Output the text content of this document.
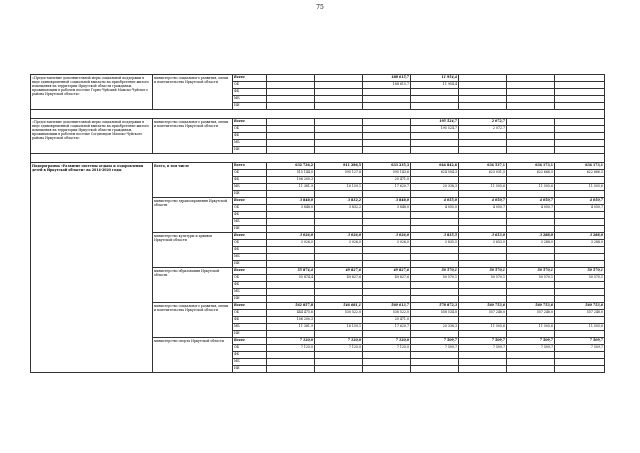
75
«Предоставление дополнительной меры социальной поддержки в виде единовременной социальной выплаты на приобретение жилого помещения на территории Иркутской области гражданам, проживающим в рабочем поселке Горно-Чуйский Мамско-Чуйского района Иркутской области»	министерство социального развития, опеки и попечительства Иркутской области	Всего			188 615,7	11 954,4			
		ОБ			188 615,7	11 954,4			
		ФБ							
		МБ							
		ИИ							

«Предоставление дополнительной меры социальной поддержки в виде единовременной социальной выплаты на приобретение жилого помещения на территории Иркутской области гражданам, проживающим в рабочем поселке Согдиондон Мамско-Чуйского района Иркутской области»	министерство социального развития, опеки и попечительства Иркутской области	Всего				195 524,7	2 072,7		
		ОБ				195 524,7	2 072,7		
		ФБ							
		МБ							
		ИИ							

Подпрограмма «Развитие системы отдыха и оздоровления детей в Иркутской области» на 2014-2020 годы	Всего, в том числе	Всего	632 726,2	811 286,5	633 235,3	644 842,6	634 537,1	634 173,1	634 173,1
		ОБ	515 144,0	595 127,8	595 143,6	624 504,3	623 031,5	622 666,5	622 666,5
		ФБ	106 200,3		20 471,0				
		МБ	11 381,9	16 159,1	17 620,7	20 338,3	11 505,6	11 505,6	11 505,6
		ИИ							
	министерство здравоохранения Иркутской области	Всего	3 848,0	3 832,2	3 848,0	4 055,0	4 050,7	4 050,7	4 050,7
		ОБ	3 848,0	3 832,2	3 848,0	4 055,0	4 050,7	4 050,7	4 050,7
		ФБ							
		МБ							
		ИИ							
	министерство культуры и архивов Иркутской области	Всего	3 026,0	3 026,0	3 026,0	3 835,5	3 653,0	3 288,0	3 288,0
		ОБ	3 026,0	3 026,0	3 026,0	3 835,5	3 653,0	3 288,0	3 288,0
		ФБ							
		МБ							
		ИИ							
	министерство образования Иркутской области	Всего	55 874,4	49 827,6	49 827,6	50 570,1	50 570,1	50 570,1	50 570,1
		ОБ	55 874,4	49 827,6	49 827,6	50 570,1	50 570,1	50 570,1	50 570,1
		ФБ							
		МБ							
		ИИ							
	министерство социального развития, опеки и попечительства Иркутской области	Всего	562 857,8	546 681,1	560 613,7	578 872,3	560 753,6	560 753,6	560 753,6
		ОБ	444 475,6	530 522,0	538 522,0	558 534,0	557 248,0	557 248,0	557 248,0
		ФБ	106 200,3		20 471,0				
		МБ	11 381,9	16 159,1	17 620,7	20 338,3	11 505,6	11 505,6	11 505,6
		ИИ							
	министерство спорта Иркутской области	Всего	7 120,0	7 120,0	7 120,0	7 509,7	7 509,7	7 509,7	7 509,7
		ОБ	7 120,0	7 120,0	7 120,0	7 509,7	7 509,7	7 509,7	7 509,7
		ФБ							
		МБ							
		ИИ							
